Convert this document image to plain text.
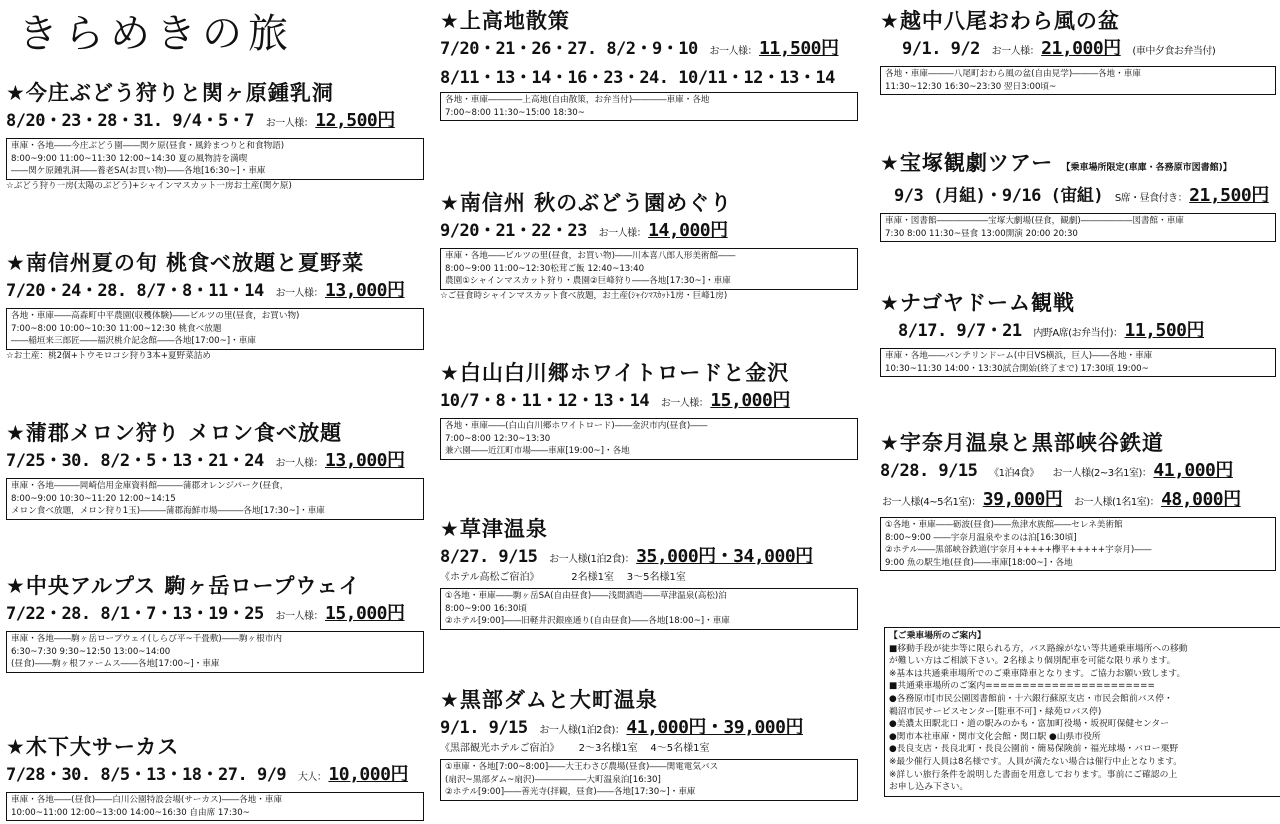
きらめきの旅
★今庄ぶどう狩りと関ヶ原鍾乳洞
8/20・23・28・31. 9/4・5・7 お一人様： 12,500円
車庫・各地――今庄ぶどう園――関ケ原(昼食・風鈴まつりと和食物語)
8:00~9:00 11:00~11:30 12:00~14:30 夏の風物詩を満喫
――関ケ原鍾乳洞――養老SA(お買い物)――各地[16:30~]・車庫
☆ぶどう狩り一房(太陽のぶどう)+シャインマスカット一房お土産(関ケ原)
★南信州夏の旬 桃食べ放題と夏野菜
7/20・24・28. 8/7・8・11・14 お一人様： 13,000円
各地・車庫――高森町中平農園(収穫体験)――ビルツの里(昼食，お買い物)
7:00~8:00 10:00~10:30 11:00~12:30 桃食べ放題
――稲垣来三郎匠――福沢桃介記念館――各地[17:00~]・車庫
☆お土産：桃2個+トウモロコシ狩り3本+夏野菜詰め
★蒲郡メロン狩り メロン食べ放題
7/25・30. 8/2・5・13・21・24 お一人様： 13,000円
車庫・各地―――岡崎信用金庫資料館―――蒲郡オレンジパーク(昼食，
8:00~9:00 10:30~11:20 12:00~14:15
メロン食べ放題，メロン狩り1玉)―――蒲郡海鮮市場―――各地[17:30~]・車庫
★中央アルプス 駒ヶ岳ロープウェイ
7/22・28. 8/1・7・13・19・25 お一人様： 15,000円
車庫・各地――駒ヶ岳ロープウェイ(しらび平~千畳敷)――駒ヶ根市内
6:30~7:30 9:30~12:50 13:00~14:00
(昼食)――駒ヶ根ファームス――各地[17:00~]・車庫
★木下大サーカス
7/28・30. 8/5・13・18・27. 9/9 大人： 10,000円
車庫・各地――(昼食)――白川公園特設会場(サーカス)――各地・車庫
10:00~11:00 12:00~13:00 14:00~16:30 自由席 17:30~
★上高地散策
7/20・21・26・27. 8/2・9・10 お一人様： 11,500円
8/11・13・14・16・23・24. 10/11・12・13・14
各地・車庫――――上高地(自由散策，お弁当付)――――車庫・各地
7:00~8:00 11:30~15:00 18:30~
★南信州 秋のぶどう園めぐり
9/20・21・22・23 お一人様： 14,000円
車庫・各地――ビルツの里(昼食，お買い物)――川本喜八郎人形美術館――
8:00~9:00 11:00~12:30松茸ご飯 12:40~13:40
農園①シャインマスカット狩り・農園②巨峰狩り――各地[17:30~]・車庫
☆ご昼食時シャインマスカット食べ放題，お土産(ｼｬｲﾝﾏｽｶｯﾄ1房・巨峰1房)
★白山白川郷ホワイトロードと金沢
10/7・8・11・12・13・14 お一人様： 15,000円
各地・車庫――(白山白川郷ホワイトロード)――金沢市内(昼食)――
7:00~8:00 12:30~13:30
兼六園――近江町市場――車庫[19:00~]・各地
★草津温泉
8/27. 9/15 お一人様(1泊2食)： 35,000円・34,000円
《ホテル高松ご宿泊》	2名様1室 3～5名様1室
①各地・車庫――駒ヶ岳SA(自由昼食)――浅間酒造――草津温泉(高松)泊
8:00~9:00 16:30頃
②ホテル[9:00]――旧軽井沢銀座通り(自由昼食)――各地[18:00~]・車庫
★黒部ダムと大町温泉
9/1. 9/15 お一人様(1泊2食)： 41,000円・39,000円
《黒部観光ホテルご宿泊》 2～3名様1室 4～5名様1室
①車庫・各地[7:00~8:00]――大王わさび農場(昼食)――関電電気バス
(扇沢~黒部ダム~扇沢)――――――大町温泉泊[16:30]
②ホテル[9:00]――善光寺(拝観，昼食)――各地[17:30~]・車庫
★越中八尾おわら風の盆
9/1. 9/2 お一人様： 21,000円 (車中夕食お弁当付)
各地・車庫―――八尾町おわら風の盆(自由見学)―――各地・車庫
11:30~12:30 16:30~23:30 翌日3:00頃~
★宝塚観劇ツアー 【乗車場所限定(車庫・各務原市図書館)】
9/3 (月組)・9/16 (宙組) S席・昼食付き： 21,500円
車庫・図書館――――――宝塚大劇場(昼食，観劇)――――――図書館・車庫
7:30 8:00 11:30~昼食 13:00開演 20:00 20:30
★ナゴヤドーム観戦
8/17. 9/7・21 内野A席(お弁当付)： 11,500円
車庫・各地――バンテリンドーム(中日VS横浜，巨人)――各地・車庫
10:30~11:30 14:00・13:30試合開始(終了まで) 17:30頃 19:00~
★宇奈月温泉と黒部峡谷鉄道
8/28. 9/15 《1泊4食》 お一人様(2~3名1室)： 41,000円
お一人様(4~5名1室)： 39,000円 お一人様(1名1室)： 48,000円
①各地・車庫――砺波(昼食)――魚津水族館――セレネ美術館
8:00~9:00 ――宇奈月温泉やまのは泊[16:30頃]
②ホテル――黒部峡谷鉄道(宇奈月+++++欅平+++++宇奈月)――
9:00 魚の駅生地(昼食)――車庫[18:00~]・各地
【ご乗車場所のご案内】
■移動手段が徒歩等に限られる方，バス路線がない等共通乗車場所への移動
が難しい方はご相談下さい。2名様より個別配車を可能な限り承ります。
※基本は共通乗車場所でのご乗車降車となります。ご協力お願い致します。
■共通乗車場所のご案内=======================
●各務原市[市民公園図書館前・十六銀行蘇原支店・市民会館前バス停・
鵜沼市民サービスセンター[駐車不可]・緑苑ロバス停)
●美濃太田駅北口・道の駅みのかも・富加町役場・坂祝町保健センター
●関市本社車庫・関市文化会館・関口駅 ●山県市役所
●長良支店・長良北町・長良公園前・簡易保険前・福光球場・バロー栗野
※最少催行人員は8名様です。人員が満たない場合は催行中止となります。
※詳しい旅行条件を説明した書面を用意しております。事前にご確認の上
お申し込み下さい。
